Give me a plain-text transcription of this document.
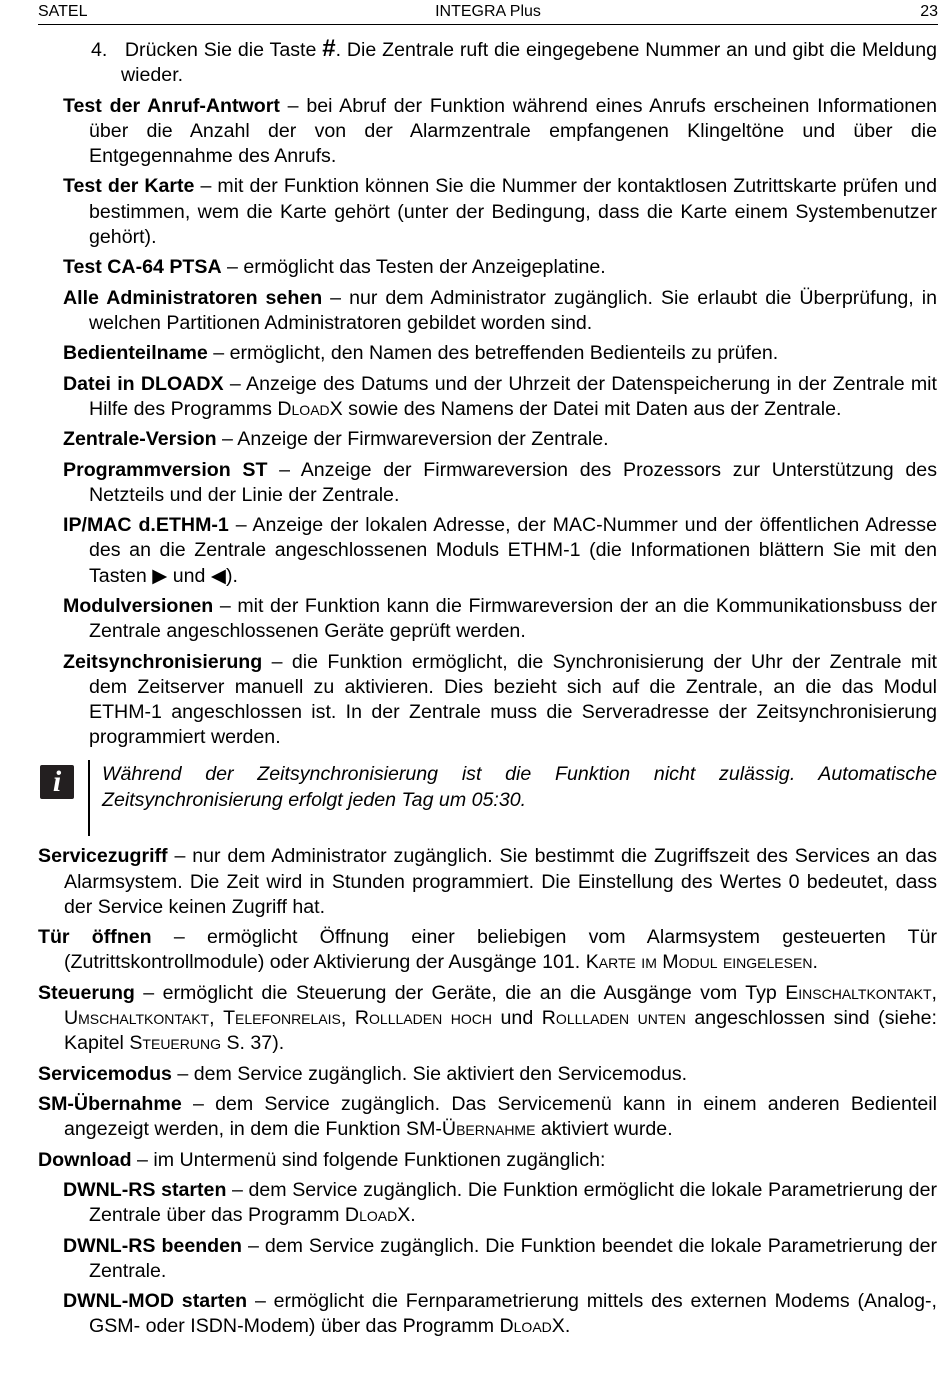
SATEL	INTEGRA Plus	23

4. Drücken Sie die Taste #. Die Zentrale ruft die eingegebene Nummer an und gibt die Meldung wieder.

Test der Anruf-Antwort – bei Abruf der Funktion während eines Anrufs erscheinen Informationen über die Anzahl der von der Alarmzentrale empfangenen Klingeltöne und über die Entgegennahme des Anrufs.

Test der Karte – mit der Funktion können Sie die Nummer der kontaktlosen Zutrittskarte prüfen und bestimmen, wem die Karte gehört (unter der Bedingung, dass die Karte einem Systembenutzer gehört).

Test CA-64 PTSA – ermöglicht das Testen der Anzeigeplatine.

Alle Administratoren sehen – nur dem Administrator zugänglich. Sie erlaubt die Überprüfung, in welchen Partitionen Administratoren gebildet worden sind.

Bedienteilname – ermöglicht, den Namen des betreffenden Bedienteils zu prüfen.

Datei in DLOADX – Anzeige des Datums und der Uhrzeit der Datenspeicherung in der Zentrale mit Hilfe des Programms DloadX sowie des Namens der Datei mit Daten aus der Zentrale.

Zentrale-Version – Anzeige der Firmwareversion der Zentrale.

Programmversion ST – Anzeige der Firmwareversion des Prozessors zur Unterstützung des Netzteils und der Linie der Zentrale.

IP/MAC d.ETHM-1 – Anzeige der lokalen Adresse, der MAC-Nummer und der öffentlichen Adresse des an die Zentrale angeschlossenen Moduls ETHM-1 (die Informationen blättern Sie mit den Tasten ▶ und ◀).

Modulversionen – mit der Funktion kann die Firmwareversion der an die Kommunikationsbuss der Zentrale angeschlossenen Geräte geprüft werden.

Zeitsynchronisierung – die Funktion ermöglicht, die Synchronisierung der Uhr der Zentrale mit dem Zeitserver manuell zu aktivieren. Dies bezieht sich auf die Zentrale, an die das Modul ETHM-1 angeschlossen ist. In der Zentrale muss die Serveradresse der Zeitsynchronisierung programmiert werden.

i	Während der Zeitsynchronisierung ist die Funktion nicht zulässig. Automatische Zeitsynchronisierung erfolgt jeden Tag um 05:30.

Servicezugriff – nur dem Administrator zugänglich. Sie bestimmt die Zugriffszeit des Services an das Alarmsystem. Die Zeit wird in Stunden programmiert. Die Einstellung des Wertes 0 bedeutet, dass der Service keinen Zugriff hat.

Tür öffnen – ermöglicht Öffnung einer beliebigen vom Alarmsystem gesteuerten Tür (Zutrittskontrollmodule) oder Aktivierung der Ausgänge 101. Karte im Modul eingelesen.

Steuerung – ermöglicht die Steuerung der Geräte, die an die Ausgänge vom Typ Einschaltkontakt, Umschaltkontakt, Telefonrelais, Rollladen hoch und Rollladen unten angeschlossen sind (siehe: Kapitel Steuerung S. 37).

Servicemodus – dem Service zugänglich. Sie aktiviert den Servicemodus.

SM-Übernahme – dem Service zugänglich. Das Servicemenü kann in einem anderen Bedienteil angezeigt werden, in dem die Funktion SM-Übernahme aktiviert wurde.

Download – im Untermenü sind folgende Funktionen zugänglich:

DWNL-RS starten – dem Service zugänglich. Die Funktion ermöglicht die lokale Parametrierung der Zentrale über das Programm DloadX.

DWNL-RS beenden – dem Service zugänglich. Die Funktion beendet die lokale Parametrierung der Zentrale.

DWNL-MOD starten – ermöglicht die Fernparametrierung mittels des externen Modems (Analog-, GSM- oder ISDN-Modem) über das Programm DloadX.
